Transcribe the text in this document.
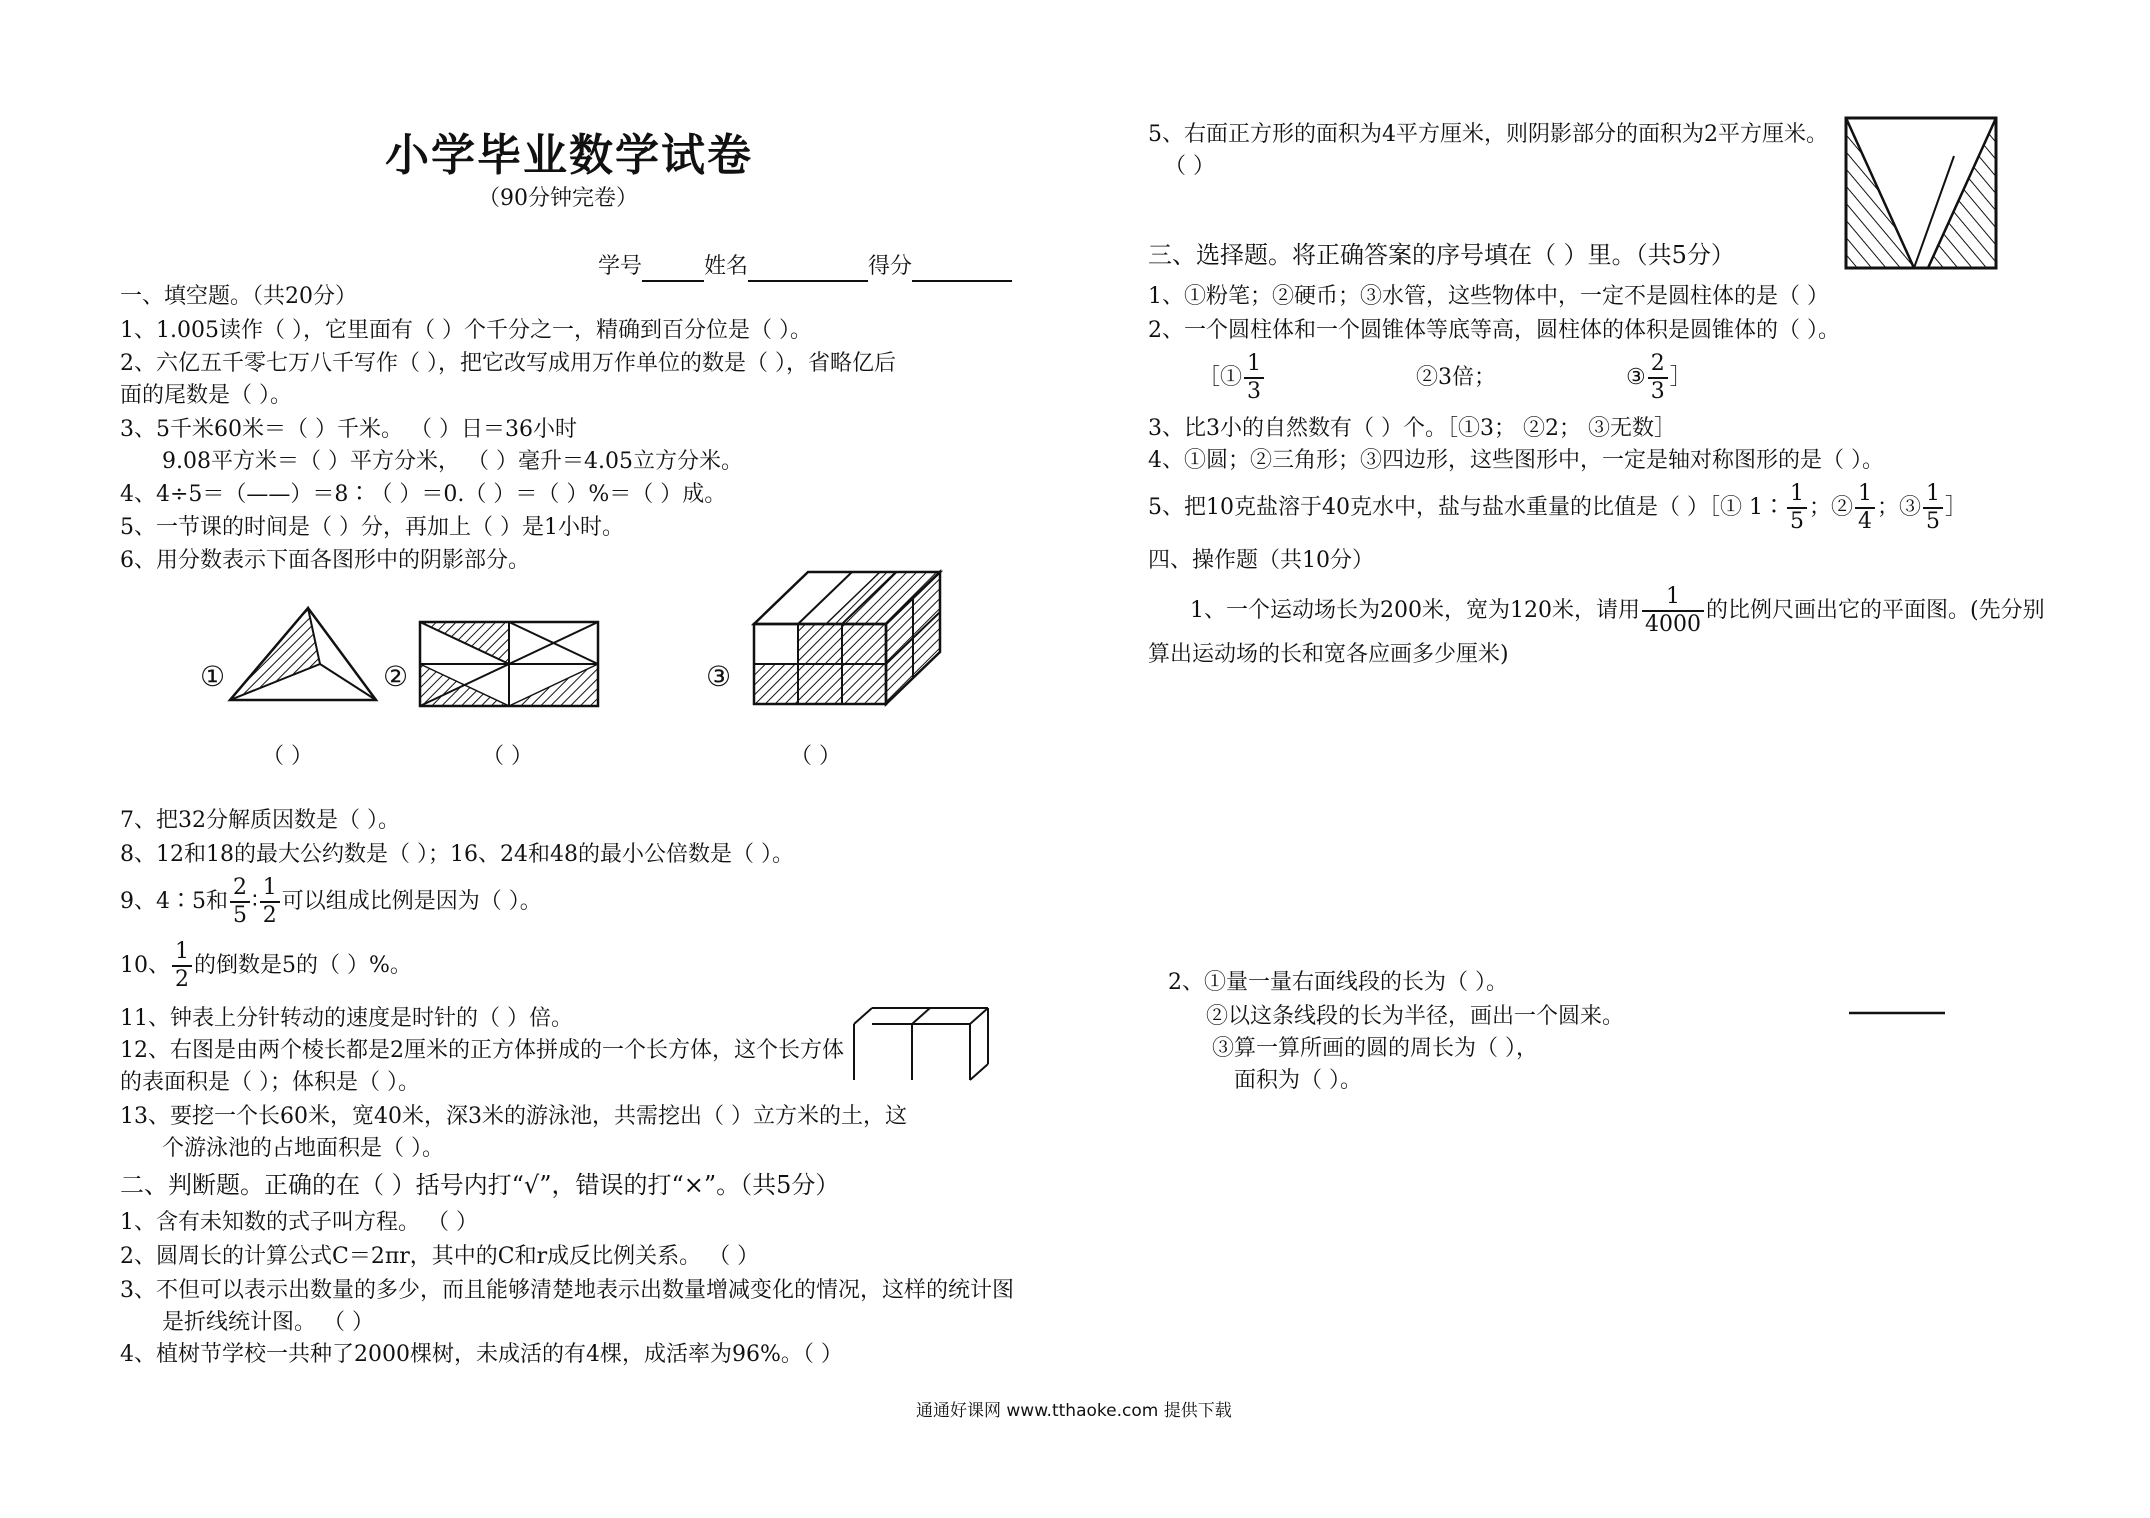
小学毕业数学试卷
（90分钟完卷）
学号	姓名	得分
一、填空题。（共20分）
1、1.005读作（ ），它里面有（ ）个千分之一，精确到百分位是（ ）。
2、六亿五千零七万八千写作（ ），把它改写成用万作单位的数是（ ），省略亿后
面的尾数是（ ）。
3、5千米60米＝（ ）千米。 （ ）日＝36小时
9.08平方米＝（ ）平方分米， （ ）毫升＝4.05立方分米。
4、4÷5＝（——）＝8∶（ ）＝0.（ ）＝（ ）%＝（ ）成。
5、一节课的时间是（ ）分，再加上（ ）是1小时。
6、用分数表示下面各图形中的阴影部分。
①	②	③
（ ）	（ ）	（ ）
7、把32分解质因数是（ ）。
8、12和18的最大公约数是（ ）；16、24和48的最小公倍数是（ ）。
9、4∶5和 $\frac{2}{5}$ ∶ $\frac{1}{2}$ 可以组成比例是因为（ ）。
10、 $\frac{1}{2}$ 的倒数是5的（ ）%。
11、钟表上分针转动的速度是时针的（ ）倍。
12、右图是由两个棱长都是2厘米的正方体拼成的一个长方体，这个长方体
的表面积是（ ）；体积是（ ）。
13、要挖一个长60米，宽40米，深3米的游泳池，共需挖出（ ）立方米的土，这
个游泳池的占地面积是（ ）。
二、判断题。正确的在（ ）括号内打“√”，错误的打“×”。（共5分）
1、含有未知数的式子叫方程。 （ ）
2、圆周长的计算公式C＝2πr，其中的C和r成反比例关系。 （ ）
3、不但可以表示出数量的多少，而且能够清楚地表示出数量增减变化的情况，这样的统计图
是折线统计图。 （ ）
4、植树节学校一共种了2000棵树，未成活的有4棵，成活率为96%。（ ）
5、右面正方形的面积为4平方厘米，则阴影部分的面积为2平方厘米。
（ ）
三、选择题。将正确答案的序号填在（ ）里。（共5分）
1、①粉笔；②硬币；③水管，这些物体中，一定不是圆柱体的是（ ）
2、一个圆柱体和一个圆锥体等底等高，圆柱体的体积是圆锥体的（ ）。
［① $\frac{1}{3}$	②3倍；	③ $\frac{2}{3}$ ］
3、比3小的自然数有（ ）个。［①3； ②2； ③无数］
4、①圆；②三角形；③四边形，这些图形中，一定是轴对称图形的是（ ）。
5、把10克盐溶于40克水中，盐与盐水重量的比值是（ ）［① 1∶ $\frac{1}{5}$ ；② $\frac{1}{4}$ ；③ $\frac{1}{5}$ ］
四、操作题（共10分）
1、一个运动场长为200米，宽为120米，请用 $\frac{1}{4000}$ 的比例尺画出它的平面图。(先分别
算出运动场的长和宽各应画多少厘米)
2、①量一量右面线段的长为（ ）。
②以这条线段的长为半径，画出一个圆来。
③算一算所画的圆的周长为（ ），
面积为（ ）。
通通好课网 www.tthaoke.com 提供下载
